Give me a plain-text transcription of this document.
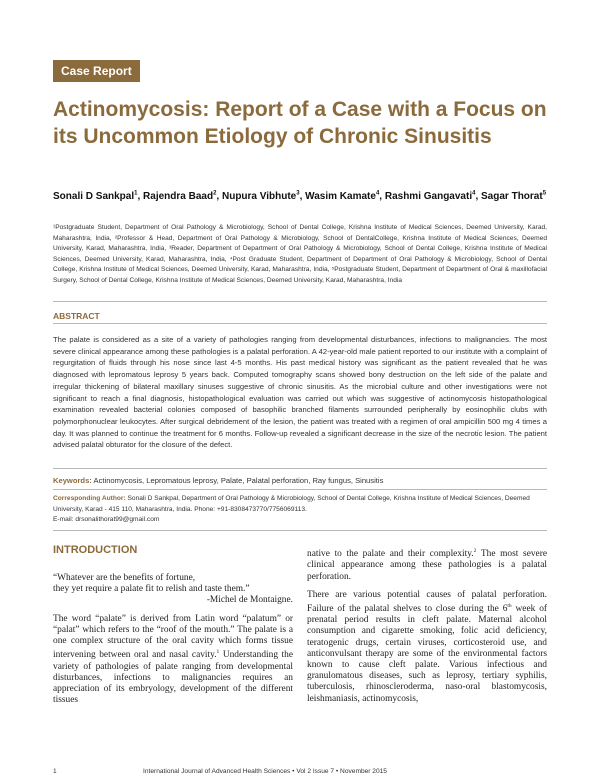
Case Report
Actinomycosis: Report of a Case with a Focus on its Uncommon Etiology of Chronic Sinusitis

Sonali D Sankpal$^1$, Rajendra Baad$^2$, Nupura Vibhute$^3$, Wasim Kamate$^4$, Rashmi Gangavati$^4$, Sagar Thorat$^5$

¹Postgraduate Student, Department of Oral Pathology & Microbiology, School of Dental College, Krishna Institute of Medical Sciences, Deemed University, Karad, Maharashtra, India, ²Professor & Head, Department of Oral Pathology & Microbiology, School of DentalCollege, Krishna Institute of Medical Sciences, Deemed University, Karad, Maharashtra, India, ³Reader, Department of Department of Oral Pathology & Microbiology, School of Dental College, Krishna Institute of Medical Sciences, Deemed University, Karad, Maharashtra, India, ⁴Post Graduate Student, Department of Department of Oral Pathology & Microbiology, School of Dental College, Krishna Institute of Medical Sciences, Deemed University, Karad, Maharashtra, India, ⁵Postgraduate Student, Department of Department of Oral & maxillofacial Surgery, School of Dental College, Krishna Institute of Medical Sciences, Deemed University, Karad, Maharashtra, India

ABSTRACT

The palate is considered as a site of a variety of pathologies ranging from developmental disturbances, infections to malignancies. The most severe clinical appearance among these pathologies is a palatal perforation. A 42-year-old male patient reported to our institute with a complaint of regurgitation of fluids through his nose since last 4-5 months. His past medical history was significant as the patient revealed that he was diagnosed with lepromatous leprosy 5 years back. Computed tomography scans showed bony destruction on the left side of the palate and irregular thickening of bilateral maxillary sinuses suggestive of chronic sinusitis. As the microbial culture and other investigations were not significant to reach a final diagnosis, histopathological evaluation was carried out which was suggestive of actinomycosis histopathological examination revealed bacterial colonies composed of basophilic branched filaments surrounded peripherally by eosinophilic clubs with polymorphonuclear leukocytes. After surgical debridement of the lesion, the patient was treated with a regimen of oral ampicillin 500 mg 4 times a day. It was planned to continue the treatment for 6 months. Follow-up revealed a significant decrease in the size of the necrotic lesion. The patient advised palatal obturator for the closure of the defect.

Keywords: Actinomycosis, Lepromatous leprosy, Palate, Palatal perforation, Ray fungus, Sinusitis

Corresponding Author: Sonali D Sankpal, Department of Oral Pathology & Microbiology, School of Dental College, Krishna Institute of Medical Sciences, Deemed University, Karad - 415 110, Maharashtra, India. Phone: +91-8308473770/7756069113.
E-mail: drsonalithorat99@gmail.com
INTRODUCTION
“Whatever are the benefits of fortune,
they yet require a palate fit to relish and taste them.”
-Michel de Montaigne.

The word “palate” is derived from Latin word “palatum” or “palat” which refers to the “roof of the mouth.” The palate is a one complex structure of the oral cavity which forms tissue intervening between oral and nasal cavity.$^1$ Understanding the variety of pathologies of palate ranging from developmental disturbances, infections to malignancies requires an appreciation of its embryology, development of the different tissues

native to the palate and their complexity.$^2$ The most severe clinical appearance among these pathologies is a palatal perforation.

There are various potential causes of palatal perforation. Failure of the palatal shelves to close during the 6th week of prenatal period results in cleft palate. Maternal alcohol consumption and cigarette smoking, folic acid deficiency, teratogenic drugs, certain viruses, corticosteroid use, and anticonvulsant therapy are some of the environmental factors known to cause cleft palate. Various infectious and granulomatous diseases, such as leprosy, tertiary syphilis, tuberculosis, rhinoscleroderma, naso-oral blastomycosis, leishmaniasis, actinomycosis,

1	International Journal of Advanced Health Sciences • Vol 2 Issue 7 • November 2015
